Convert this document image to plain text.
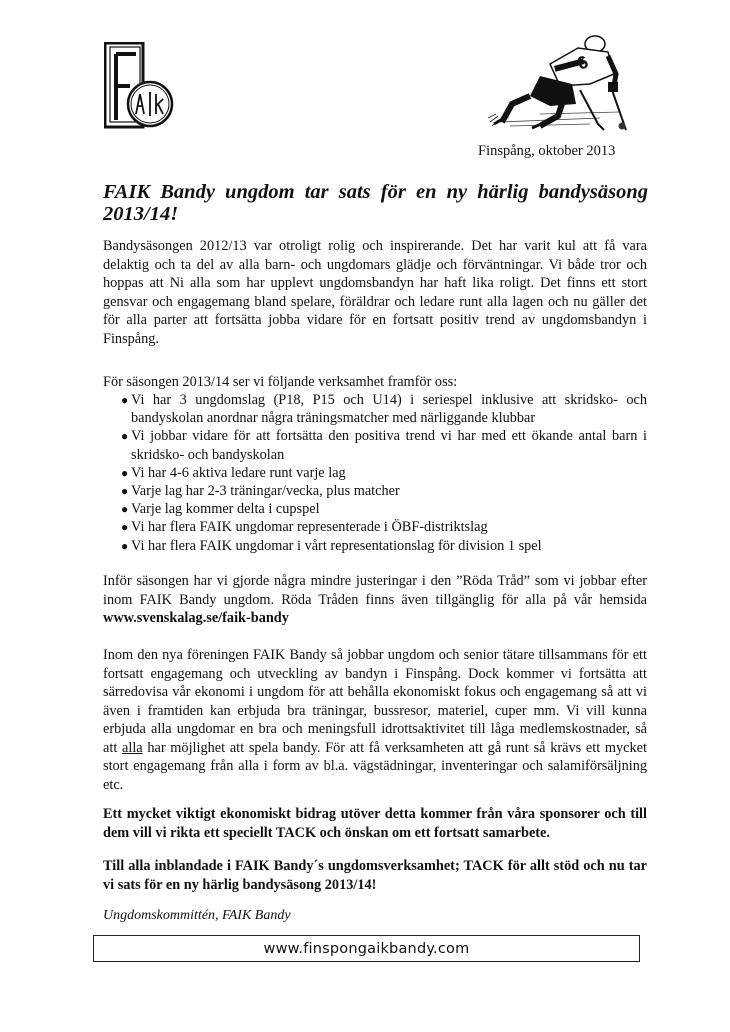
Finspång, oktober 2013
FAIK Bandy ungdom tar sats för en ny härlig bandysäsong 2013/14!

Bandysäsongen 2012/13 var otroligt rolig och inspirerande. Det har varit kul att få vara delaktig och ta del av alla barn- och ungdomars glädje och förväntningar. Vi både tror och hoppas att Ni alla som har upplevt ungdomsbandyn har haft lika roligt. Det finns ett stort gensvar och engagemang bland spelare, föräldrar och ledare runt alla lagen och nu gäller det för alla parter att fortsätta jobba vidare för en fortsatt positiv trend av ungdomsbandyn i Finspång.

För säsongen 2013/14 ser vi följande verksamhet framför oss:

● Vi har 3 ungdomslag (P18, P15 och U14) i seriespel inklusive att skridsko- och bandyskolan anordnar några träningsmatcher med närliggande klubbar
● Vi jobbar vidare för att fortsätta den positiva trend vi har med ett ökande antal barn i skridsko- och bandyskolan
● Vi har 4-6 aktiva ledare runt varje lag
● Varje lag har 2-3 träningar/vecka, plus matcher
● Varje lag kommer delta i cupspel
● Vi har flera FAIK ungdomar representerade i ÖBF-distriktslag
● Vi har flera FAIK ungdomar i vårt representationslag för division 1 spel

Inför säsongen har vi gjorde några mindre justeringar i den ”Röda Tråd” som vi jobbar efter inom FAIK Bandy ungdom. Röda Tråden finns även tillgänglig för alla på vår hemsida www.svenskalag.se/faik-bandy

Inom den nya föreningen FAIK Bandy så jobbar ungdom och senior tätare tillsammans för ett fortsatt engagemang och utveckling av bandyn i Finspång. Dock kommer vi fortsätta att särredovisa vår ekonomi i ungdom för att behålla ekonomiskt fokus och engagemang så att vi även i framtiden kan erbjuda bra träningar, bussresor, materiel, cuper mm. Vi vill kunna erbjuda alla ungdomar en bra och meningsfull idrottsaktivitet till låga medlemskostnader, så att alla har möjlighet att spela bandy. För att få verksamheten att gå runt så krävs ett mycket stort engagemang från alla i form av bl.a. vägstädningar, inventeringar och salamiförsäljning etc.

Ett mycket viktigt ekonomiskt bidrag utöver detta kommer från våra sponsorer och till dem vill vi rikta ett speciellt TACK och önskan om ett fortsatt samarbete.

Till alla inblandade i FAIK Bandy´s ungdomsverksamhet; TACK för allt stöd och nu tar vi sats för en ny härlig bandysäsong 2013/14!

Ungdomskommittén, FAIK Bandy
www.finspongaikbandy.com
